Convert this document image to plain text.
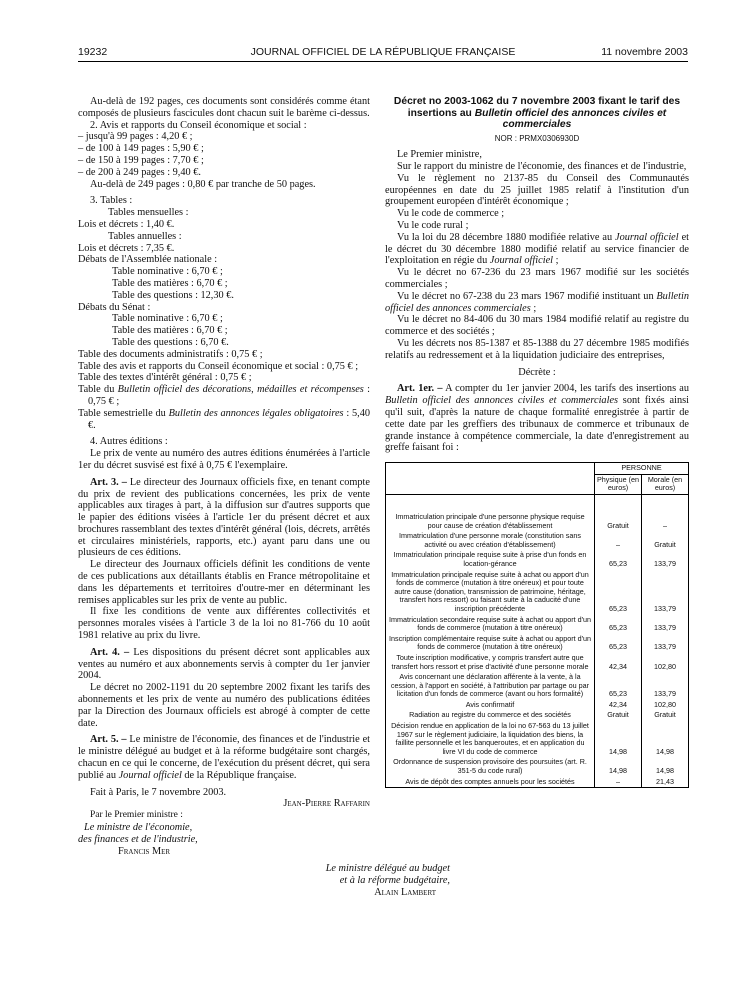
19232	JOURNAL OFFICIEL DE LA RÉPUBLIQUE FRANÇAISE	11 novembre 2003

Au-delà de 192 pages, ces documents sont considérés comme étant composés de plusieurs fascicules dont chacun suit le barème ci-dessus.

2. Avis et rapports du Conseil économique et social :

– jusqu'à 99 pages : 4,20 € ;

– de 100 à 149 pages : 5,90 € ;

– de 150 à 199 pages : 7,70 € ;

– de 200 à 249 pages : 9,40 €.

Au-delà de 249 pages : 0,80 € par tranche de 50 pages.

3. Tables :

Tables mensuelles :

Lois et décrets : 1,40 €.

Tables annuelles :

Lois et décrets : 7,35 €.

Débats de l'Assemblée nationale :

Table nominative : 6,70 € ;

Table des matières : 6,70 € ;

Table des questions : 12,30 €.

Débats du Sénat :

Table nominative : 6,70 € ;

Table des matières : 6,70 € ;

Table des questions : 6,70 €.

Table des documents administratifs : 0,75 € ;

Table des avis et rapports du Conseil économique et social : 0,75 € ;

Table des textes d'intérêt général : 0,75 € ;

Table du Bulletin officiel des décorations, médailles et récompenses : 0,75 € ;

Table semestrielle du Bulletin des annonces légales obligatoires : 5,40 €.

4. Autres éditions :

Le prix de vente au numéro des autres éditions énumérées à l'article 1er du décret susvisé est fixé à 0,75 € l'exemplaire.

Art. 3. – Le directeur des Journaux officiels fixe, en tenant compte du prix de revient des publications concernées, les prix de vente applicables aux tirages à part, à la diffusion sur d'autres supports que le papier des éditions visées à l'article 1er du présent décret et aux brochures rassemblant des textes d'intérêt général (lois, décrets, arrêtés et circulaires ministériels, rapports, etc.) ayant paru dans une ou plusieurs de ces éditions.

Le directeur des Journaux officiels définit les conditions de vente de ces publications aux détaillants établis en France métropolitaine et dans les départements et territoires d'outre-mer en déterminant les remises applicables sur les prix de vente au public.

Il fixe les conditions de vente aux différentes collectivités et personnes morales visées à l'article 3 de la loi no 81-766 du 10 août 1981 relative au prix du livre.

Art. 4. – Les dispositions du présent décret sont applicables aux ventes au numéro et aux abonnements servis à compter du 1er janvier 2004.

Le décret no 2002-1191 du 20 septembre 2002 fixant les tarifs des abonnements et les prix de vente au numéro des publications éditées par la Direction des Journaux officiels est abrogé à compter de cette date.

Art. 5. – Le ministre de l'économie, des finances et de l'industrie et le ministre délégué au budget et à la réforme budgétaire sont chargés, chacun en ce qui le concerne, de l'exécution du présent décret, qui sera publié au Journal officiel de la République française.

Fait à Paris, le 7 novembre 2003.

Jean-Pierre Raffarin

Par le Premier ministre :

Le ministre de l'économie,

des finances et de l'industrie,

Francis Mer

Le ministre délégué au budget

et à la réforme budgétaire,

Alain Lambert

Décret no 2003-1062 du 7 novembre 2003 fixant le tarif des insertions au Bulletin officiel des annonces civiles et commerciales

NOR : PRMX0306930D

Le Premier ministre,

Sur le rapport du ministre de l'économie, des finances et de l'industrie,

Vu le règlement no 2137-85 du Conseil des Communautés européennes en date du 25 juillet 1985 relatif à l'institution d'un groupement européen d'intérêt économique ;

Vu le code de commerce ;

Vu le code rural ;

Vu la loi du 28 décembre 1880 modifiée relative au Journal officiel et le décret du 30 décembre 1880 modifié relatif au service financier de l'exploitation en régie du Journal officiel ;

Vu le décret no 67-236 du 23 mars 1967 modifié sur les sociétés commerciales ;

Vu le décret no 67-238 du 23 mars 1967 modifié instituant un Bulletin officiel des annonces commerciales ;

Vu le décret no 84-406 du 30 mars 1984 modifié relatif au registre du commerce et des sociétés ;

Vu les décrets nos 85-1387 et 85-1388 du 27 décembre 1985 modifiés relatifs au redressement et à la liquidation judiciaire des entreprises,

Décrète :

Art. 1er. – A compter du 1er janvier 2004, les tarifs des insertions au Bulletin officiel des annonces civiles et commerciales sont fixés ainsi qu'il suit, d'après la nature de chaque formalité enregistrée à partir de cette date par les greffiers des tribunaux de commerce et tribunaux de grande instance à compétence commerciale, la date d'enregistrement au greffe faisant foi :

	PERSONNE	
	Physique (en euros)	Morale (en euros)
Immatriculation principale d'une personne physique requise pour cause de création d'établissement	Gratuit	–
Immatriculation d'une personne morale (constitution sans activité ou avec création d'établissement)	–	Gratuit
Immatriculation principale requise suite à prise d'un fonds en location-gérance	65,23	133,79
Immatriculation principale requise suite à achat ou apport d'un fonds de commerce (mutation à titre onéreux) et pour toute autre cause (donation, transmission de patrimoine, héritage, transfert hors ressort) ou faisant suite à la caducité d'une inscription précédente	65,23	133,79
Immatriculation secondaire requise suite à achat ou apport d'un fonds de commerce (mutation à titre onéreux)	65,23	133,79
Inscription complémentaire requise suite à achat ou apport d'un fonds de commerce (mutation à titre onéreux)	65,23	133,79
Toute inscription modificative, y compris transfert autre que transfert hors ressort et prise d'activité d'une personne morale	42,34	102,80
Avis concernant une déclaration afférente à la vente, à la cession, à l'apport en société, à l'attribution par partage ou par licitation d'un fonds de commerce (avant ou hors formalité)	65,23	133,79
Avis confirmatif	42,34	102,80
Radiation au registre du commerce et des sociétés	Gratuit	Gratuit
Décision rendue en application de la loi no 67-563 du 13 juillet 1967 sur le règlement judiciaire, la liquidation des biens, la faillite personnelle et les banqueroutes, et en application du livre VI du code de commerce	14,98	14,98
Ordonnance de suspension provisoire des poursuites (art. R. 351-5 du code rural)	14,98	14,98
Avis de dépôt des comptes annuels pour les sociétés	–	21,43
